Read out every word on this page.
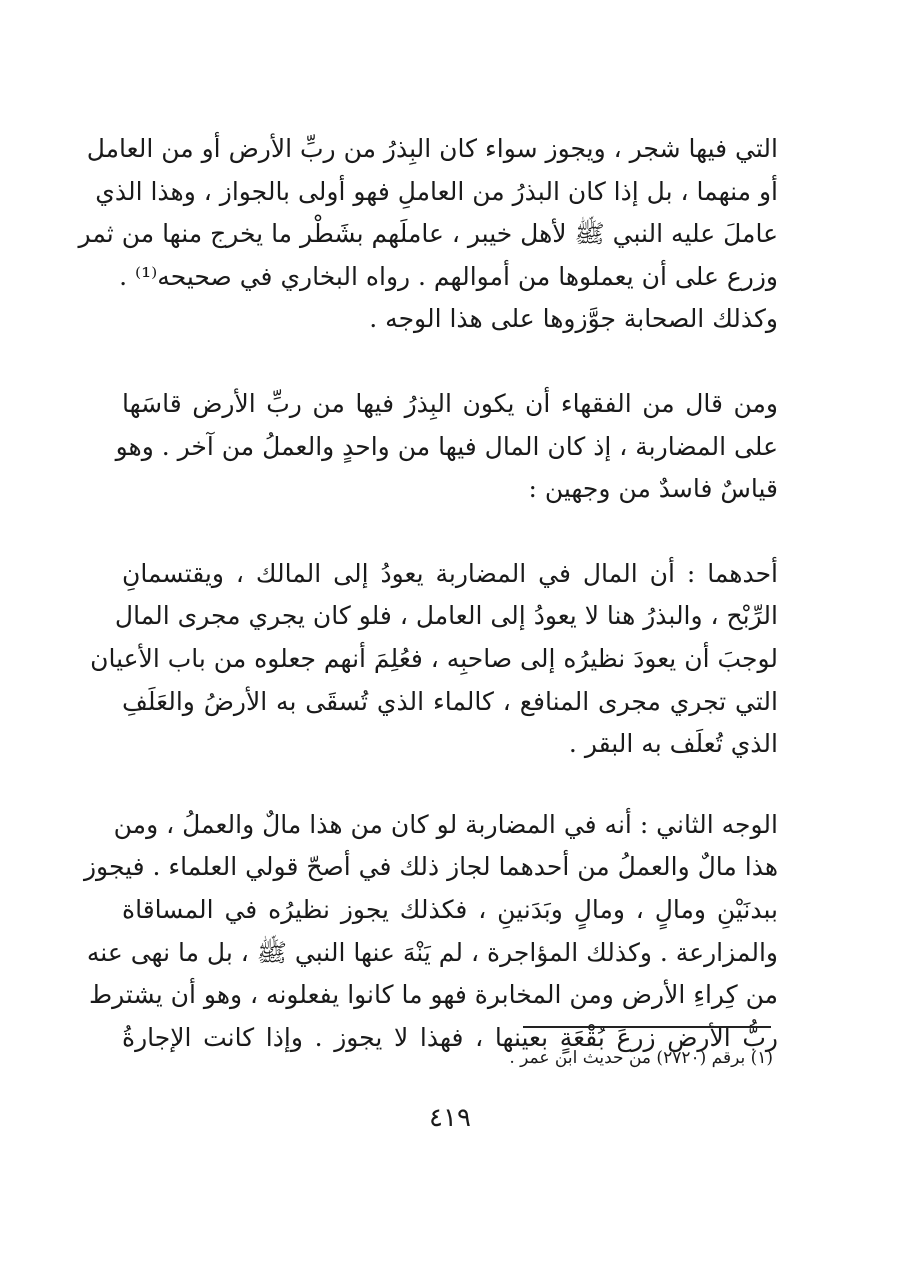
التي فيها شجر ، ويجوز سواء كان البِذرُ من ربِّ الأرض أو من العامل
أو منهما ، بل إذا كان البذرُ من العاملِ فهو أولى بالجواز ، وهذا الذي
عاملَ عليه النبي ﷺ لأهل خيبر ، عاملَهم بشَطْر ما يخرج منها من ثمر
وزرع على أن يعملوها من أموالهم . رواه البخاري في صحيحه⁽¹⁾ .
وكذلك الصحابة جوَّزوها على هذا الوجه .

ومن قال من الفقهاء أن يكون البِذرُ فيها من ربِّ الأرض قاسَها
على المضاربة ، إذ كان المال فيها من واحدٍ والعملُ من آخر . وهو
قياسٌ فاسدٌ من وجهين :

أحدهما : أن المال في المضاربة يعودُ إلى المالك ، ويقتسمانِ
الرِّبْح ، والبذرُ هنا لا يعودُ إلى العامل ، فلو كان يجري مجرى المال
لوجبَ أن يعودَ نظيرُه إلى صاحبِه ، فعُلِمَ أنهم جعلوه من باب الأعيان
التي تجري مجرى المنافع ، كالماء الذي تُسقَى به الأرضُ والعَلَفِ
الذي تُعلَف به البقر .

الوجه الثاني : أنه في المضاربة لو كان من هذا مالٌ والعملُ ، ومن
هذا مالٌ والعملُ من أحدهما لجاز ذلك في أصحّ قولي العلماء . فيجوز
ببدنَيْنِ ومالٍ ، ومالٍ وبَدَنينِ ، فكذلك يجوز نظيرُه في المساقاة
والمزارعة . وكذلك المؤاجرة ، لم يَنْهَ عنها النبي ﷺ ، بل ما نهى عنه
من كِراءِ الأرض ومن المخابرة فهو ما كانوا يفعلونه ، وهو أن يشترط
ربُّ الأرض زرعَ بُقْعَةٍ بعينها ، فهذا لا يجوز . وإذا كانت الإجارةُ

(١) برقم (٢٧٢٠) من حديث ابن عمر .
٤١٩
